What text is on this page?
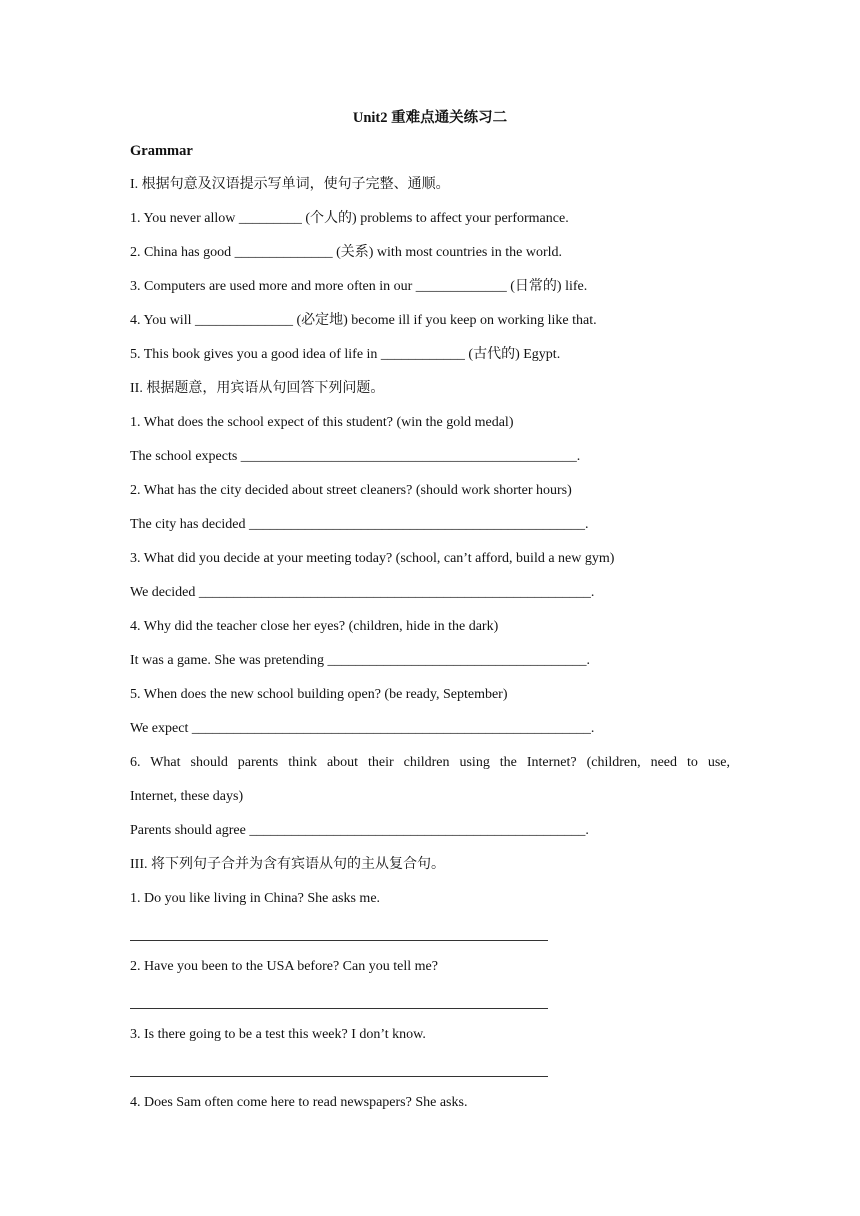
Unit2 重难点通关练习二
Grammar
I. 根据句意及汉语提示写单词，使句子完整、通顺。
1. You never allow _________ (个人的) problems to affect your performance.
2. China has good ______________ (关系) with most countries in the world.
3. Computers are used more and more often in our _____________ (日常的) life.
4. You will ______________ (必定地) become ill if you keep on working like that.
5. This book gives you a good idea of life in ____________ (古代的) Egypt.
II. 根据题意，用宾语从句回答下列问题。
1. What does the school expect of this student? (win the gold medal)
The school expects ________________________________________________.
2. What has the city decided about street cleaners? (should work shorter hours)
The city has decided ________________________________________________.
3. What did you decide at your meeting today? (school, can’t afford, build a new gym)
We decided ________________________________________________________.
4. Why did the teacher close her eyes? (children, hide in the dark)
It was a game. She was pretending _____________________________________.
5. When does the new school building open? (be ready, September)
We expect _________________________________________________________.
6. What should parents think about their children using the Internet? (children, need to use,
Internet, these days)
Parents should agree ________________________________________________.
III. 将下列句子合并为含有宾语从句的主从复合句。
1. Do you like living in China? She asks me.
2. Have you been to the USA before? Can you tell me?
3. Is there going to be a test this week? I don’t know.
4. Does Sam often come here to read newspapers? She asks.
